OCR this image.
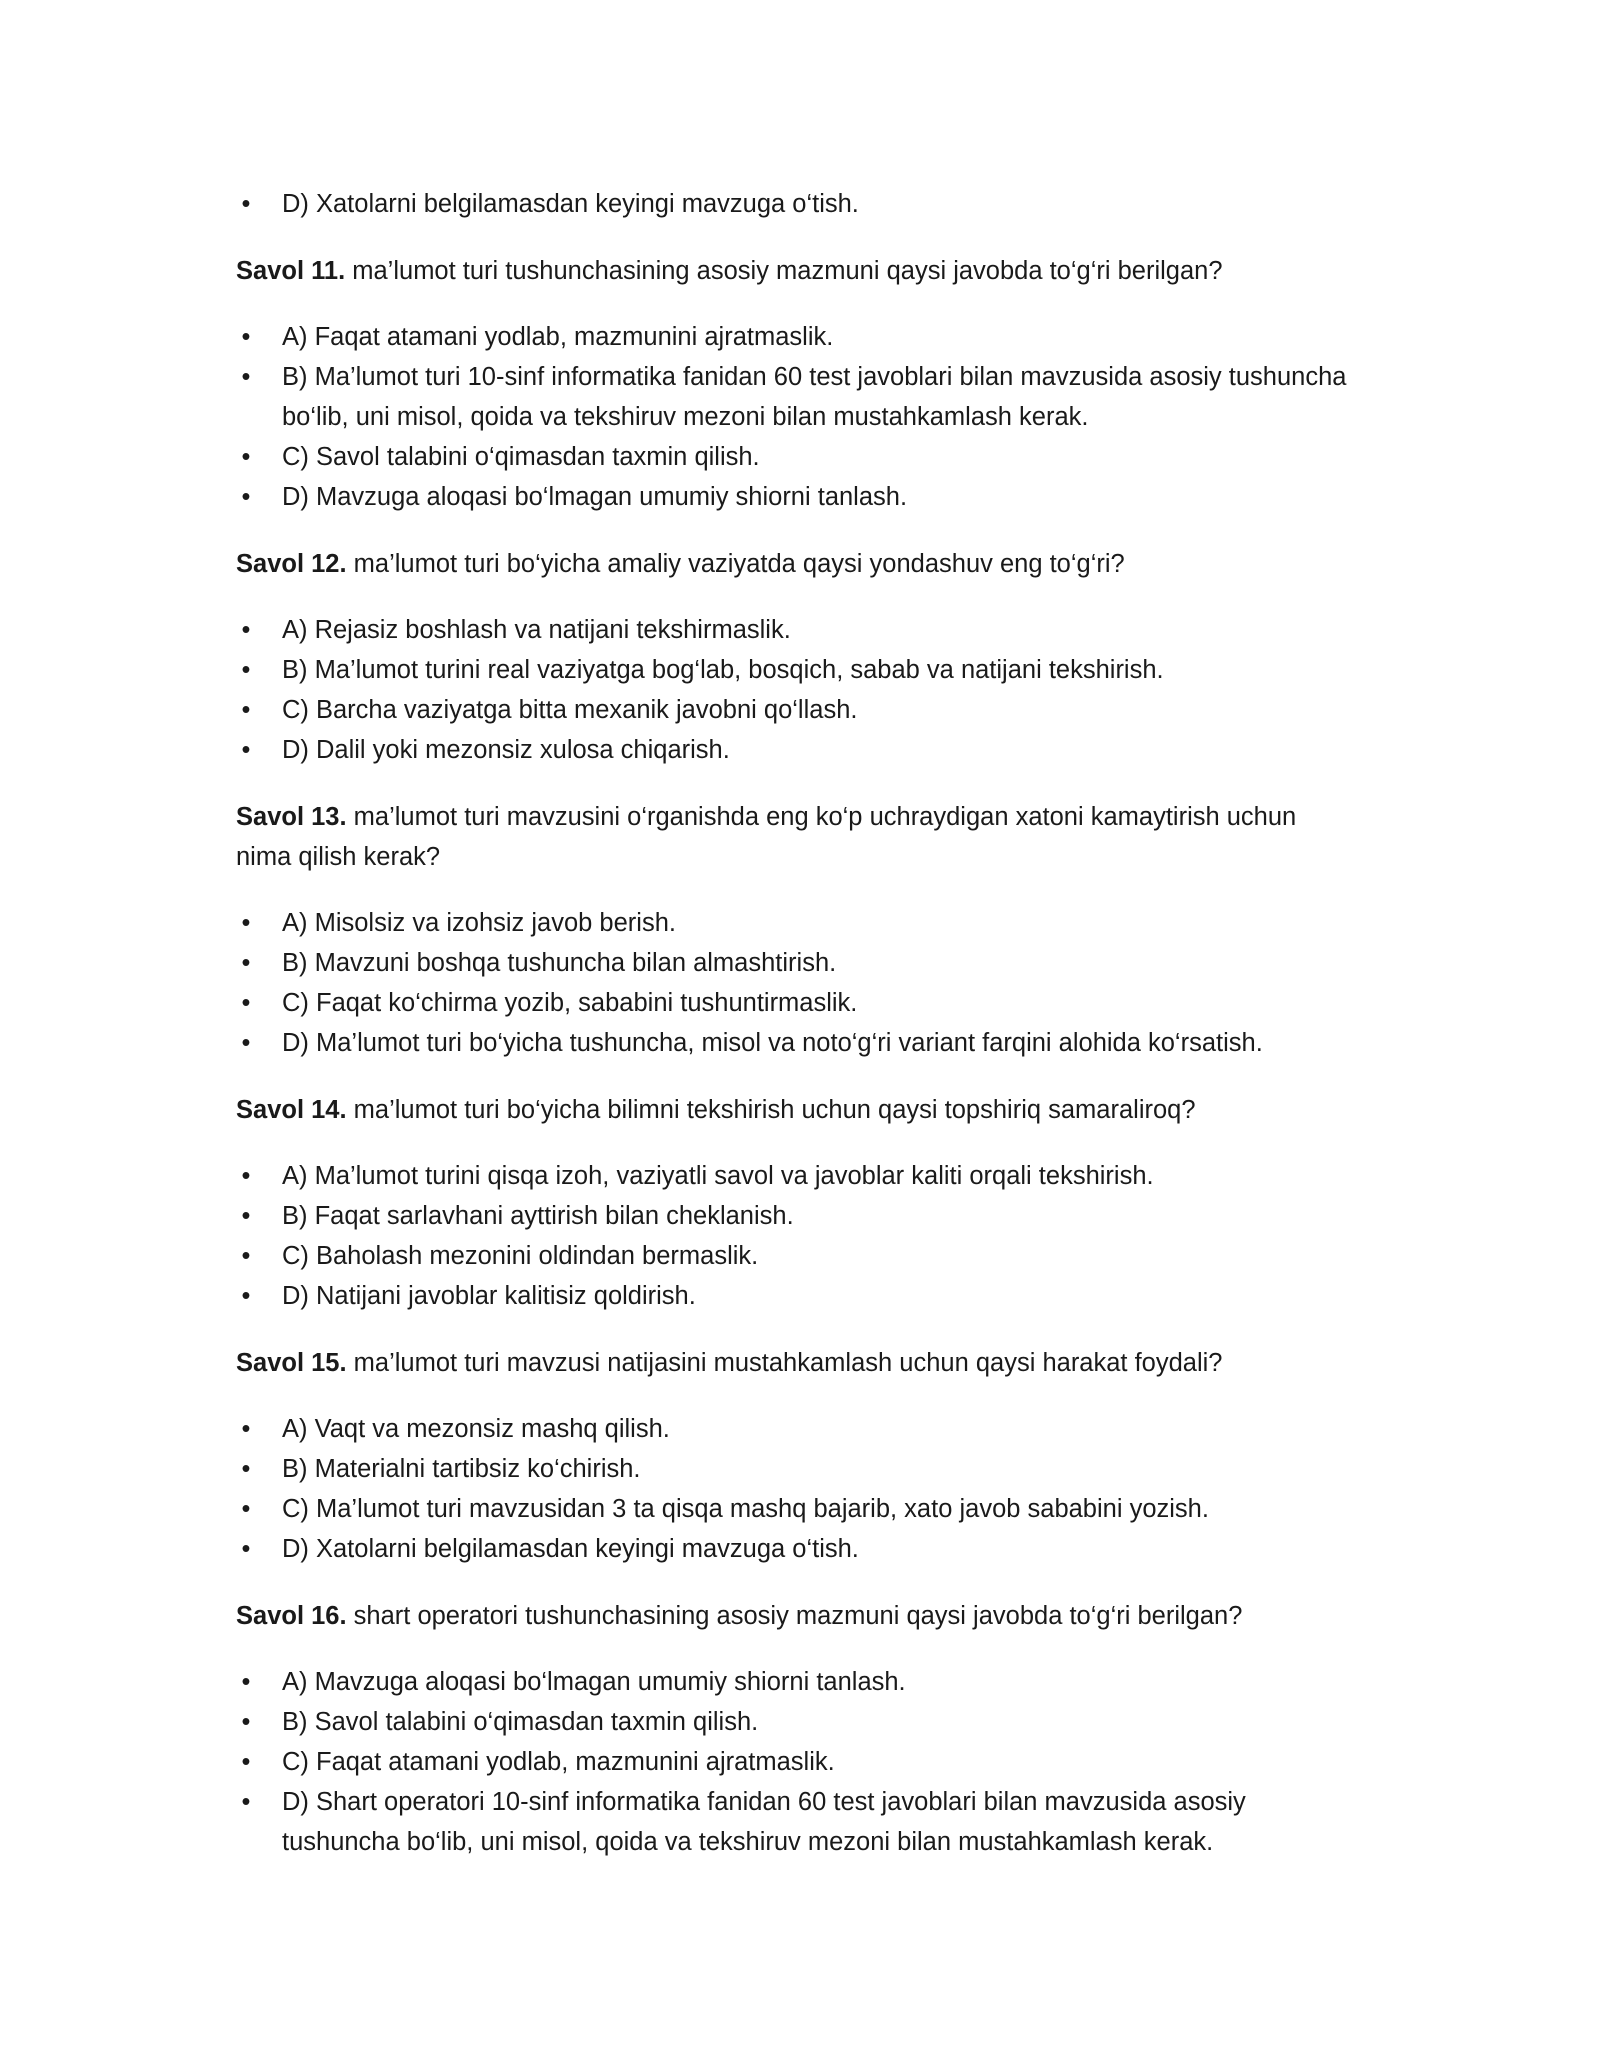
• D) Xatolarni belgilamasdan keyingi mavzuga o‘tish.
Savol 11. ma’lumot turi tushunchasining asosiy mazmuni qaysi javobda to‘g‘ri berilgan?
• A) Faqat atamani yodlab, mazmunini ajratmaslik.
• B) Ma’lumot turi 10-sinf informatika fanidan 60 test javoblari bilan mavzusida asosiy tushuncha bo‘lib, uni misol, qoida va tekshiruv mezoni bilan mustahkamlash kerak.
• C) Savol talabini o‘qimasdan taxmin qilish.
• D) Mavzuga aloqasi bo‘lmagan umumiy shiorni tanlash.
Savol 12. ma’lumot turi bo‘yicha amaliy vaziyatda qaysi yondashuv eng to‘g‘ri?
• A) Rejasiz boshlash va natijani tekshirmaslik.
• B) Ma’lumot turini real vaziyatga bog‘lab, bosqich, sabab va natijani tekshirish.
• C) Barcha vaziyatga bitta mexanik javobni qo‘llash.
• D) Dalil yoki mezonsiz xulosa chiqarish.
Savol 13. ma’lumot turi mavzusini o‘rganishda eng ko‘p uchraydigan xatoni kamaytirish uchun nima qilish kerak?
• A) Misolsiz va izohsiz javob berish.
• B) Mavzuni boshqa tushuncha bilan almashtirish.
• C) Faqat ko‘chirma yozib, sababini tushuntirmaslik.
• D) Ma’lumot turi bo‘yicha tushuncha, misol va noto‘g‘ri variant farqini alohida ko‘rsatish.
Savol 14. ma’lumot turi bo‘yicha bilimni tekshirish uchun qaysi topshiriq samaraliroq?
• A) Ma’lumot turini qisqa izoh, vaziyatli savol va javoblar kaliti orqali tekshirish.
• B) Faqat sarlavhani ayttirish bilan cheklanish.
• C) Baholash mezonini oldindan bermaslik.
• D) Natijani javoblar kalitisiz qoldirish.
Savol 15. ma’lumot turi mavzusi natijasini mustahkamlash uchun qaysi harakat foydali?
• A) Vaqt va mezonsiz mashq qilish.
• B) Materialni tartibsiz ko‘chirish.
• C) Ma’lumot turi mavzusidan 3 ta qisqa mashq bajarib, xato javob sababini yozish.
• D) Xatolarni belgilamasdan keyingi mavzuga o‘tish.
Savol 16. shart operatori tushunchasining asosiy mazmuni qaysi javobda to‘g‘ri berilgan?
• A) Mavzuga aloqasi bo‘lmagan umumiy shiorni tanlash.
• B) Savol talabini o‘qimasdan taxmin qilish.
• C) Faqat atamani yodlab, mazmunini ajratmaslik.
• D) Shart operatori 10-sinf informatika fanidan 60 test javoblari bilan mavzusida asosiy tushuncha bo‘lib, uni misol, qoida va tekshiruv mezoni bilan mustahkamlash kerak.
